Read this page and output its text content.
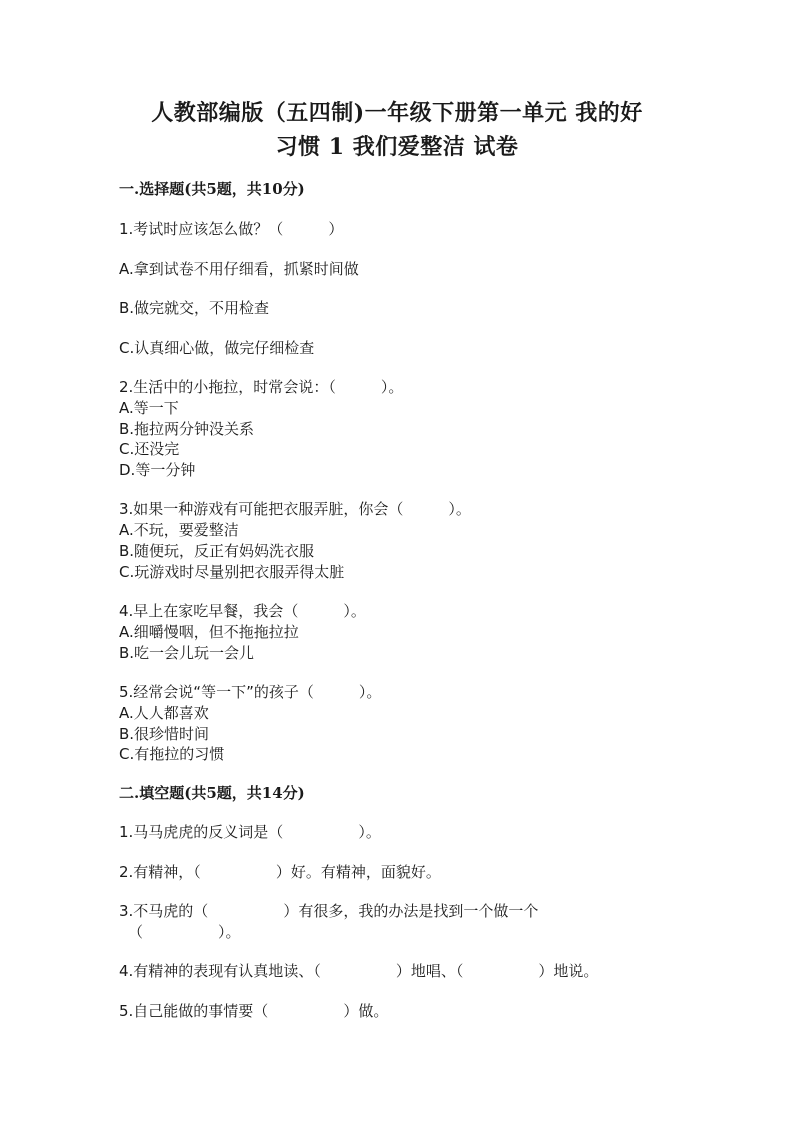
人教部编版（五四制)一年级下册第一单元 我的好
习惯 1 我们爱整洁 试卷
一.选择题(共5题，共10分)
1.考试时应该怎么做？（　　　）
A.拿到试卷不用仔细看，抓紧时间做
B.做完就交，不用检查
C.认真细心做，做完仔细检查
2.生活中的小拖拉，时常会说：（　　　）。
A.等一下
B.拖拉两分钟没关系
C.还没完
D.等一分钟
3.如果一种游戏有可能把衣服弄脏，你会（　　　）。
A.不玩，要爱整洁
B.随便玩，反正有妈妈洗衣服
C.玩游戏时尽量别把衣服弄得太脏
4.早上在家吃早餐，我会（　　　）。
A.细嚼慢咽，但不拖拖拉拉
B.吃一会儿玩一会儿
5.经常会说“等一下”的孩子（　　　）。
A.人人都喜欢
B.很珍惜时间
C.有拖拉的习惯
二.填空题(共5题，共14分)
1.马马虎虎的反义词是（　　　　　）。
2.有精神，（　　　　　）好。有精神，面貌好。
3.不马虎的（　　　　　）有很多，我的办法是找到一个做一个
（　　　　　）。
4.有精神的表现有认真地读、（　　　　　）地唱、（　　　　　）地说。
5.自己能做的事情要（　　　　　）做。
